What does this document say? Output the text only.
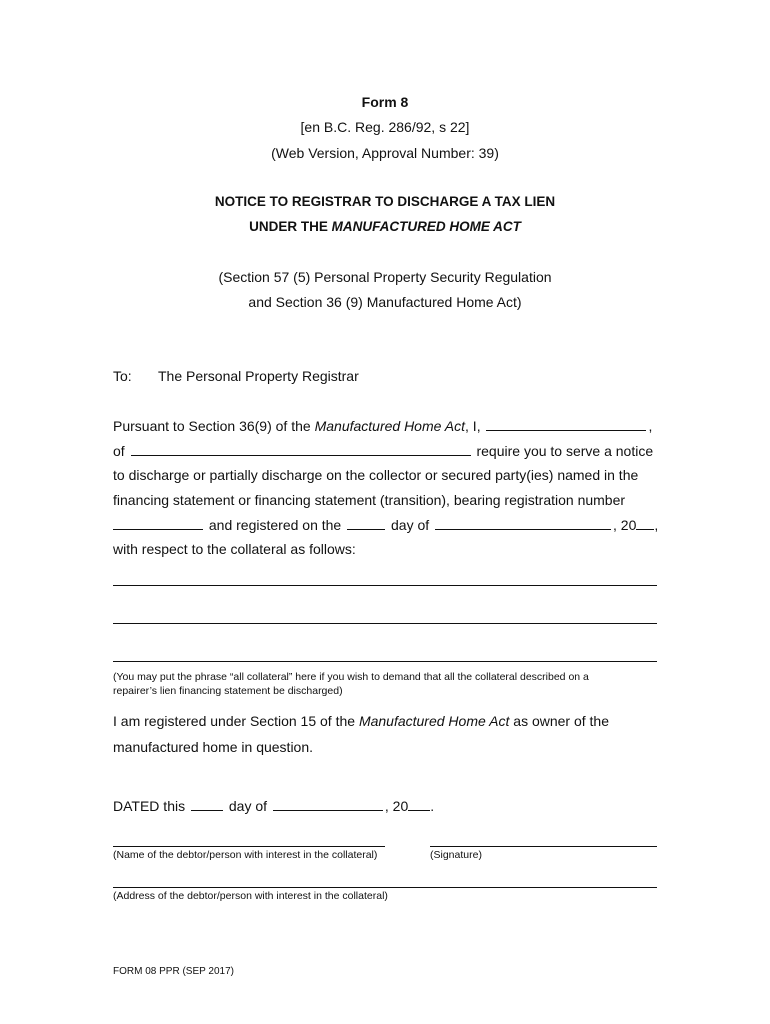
Form 8
[en B.C. Reg. 286/92, s 22]
(Web Version, Approval Number: 39)
NOTICE TO REGISTRAR TO DISCHARGE A TAX LIEN
UNDER THE MANUFACTURED HOME ACT
(Section 57 (5) Personal Property Security Regulation
and Section 36 (9) Manufactured Home Act)
To: The Personal Property Registrar
Pursuant to Section 36(9) of the Manufactured Home Act, I,	,
of	require you to serve a notice
to discharge or partially discharge on the collector or secured party(ies) named in the
financing statement or financing statement (transition), bearing registration number
and registered on the	day of	, 20 ,
with respect to the collateral as follows:
(You may put the phrase “all collateral” here if you wish to demand that all the collateral described on a
repairer’s lien financing statement be discharged)
I am registered under Section 15 of the Manufactured Home Act as owner of the
manufactured home in question.
DATED this	day of	, 20 .
(Name of the debtor/person with interest in the collateral)	(Signature)
(Address of the debtor/person with interest in the collateral)
FORM 08 PPR (SEP 2017)
